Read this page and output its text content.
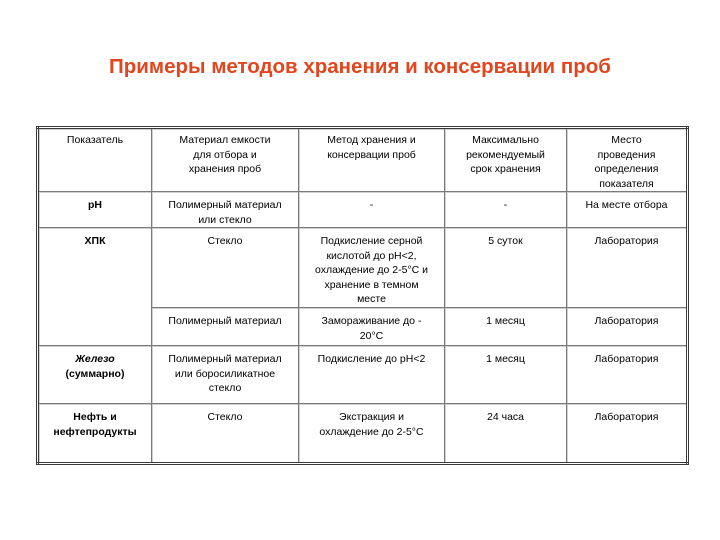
Примеры методов хранения и консервации проб
Показатель	Материал емкости
для отбора и
хранения проб	Метод хранения и
консервации проб	Максимально
рекомендуемый
срок хранения	Место
проведения
определения
показателя
pH	Полимерный материал
или стекло	-	-	На месте отбора
ХПК	Стекло	Подкисление серной
кислотой до рН<2,
охлаждение до 2-5°С и
хранение в темном
месте	5 суток	Лаборатория
	Полимерный материал	Замораживание до -
20°С	1 месяц	Лаборатория
Железо
(суммарно)	Полимерный материал
или боросиликатное
стекло	Подкисление до рН<2	1 месяц	Лаборатория
Нефть и
нефтепродукты	Стекло	Экстракция и
охлаждение до 2-5°С	24 часа	Лаборатория
